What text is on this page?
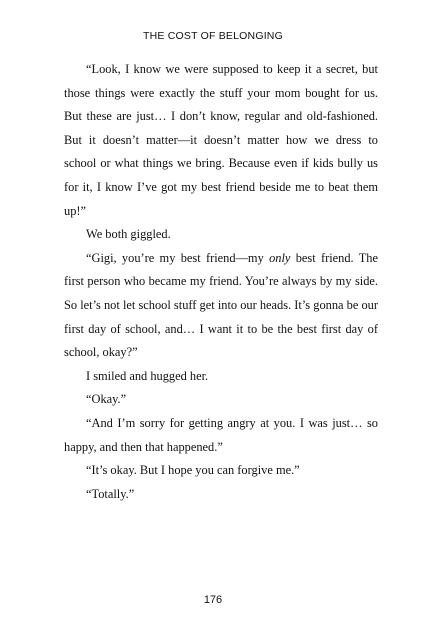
THE COST OF BELONGING

“Look, I know we were supposed to keep it a secret, but those things were exactly the stuff your mom bought for us. But these are just… I don’t know, regular and old-fashioned. But it doesn’t matter—it doesn’t matter how we dress to school or what things we bring. Because even if kids bully us for it, I know I’ve got my best friend beside me to beat them up!”

We both giggled.

“Gigi, you’re my best friend—my only best friend. The first person who became my friend. You’re always by my side. So let’s not let school stuff get into our heads. It’s gonna be our first day of school, and… I want it to be the best first day of school, okay?”

I smiled and hugged her.

“Okay.”

“And I’m sorry for getting angry at you. I was just… so happy, and then that happened.”

“It’s okay. But I hope you can forgive me.”

“Totally.”

176
